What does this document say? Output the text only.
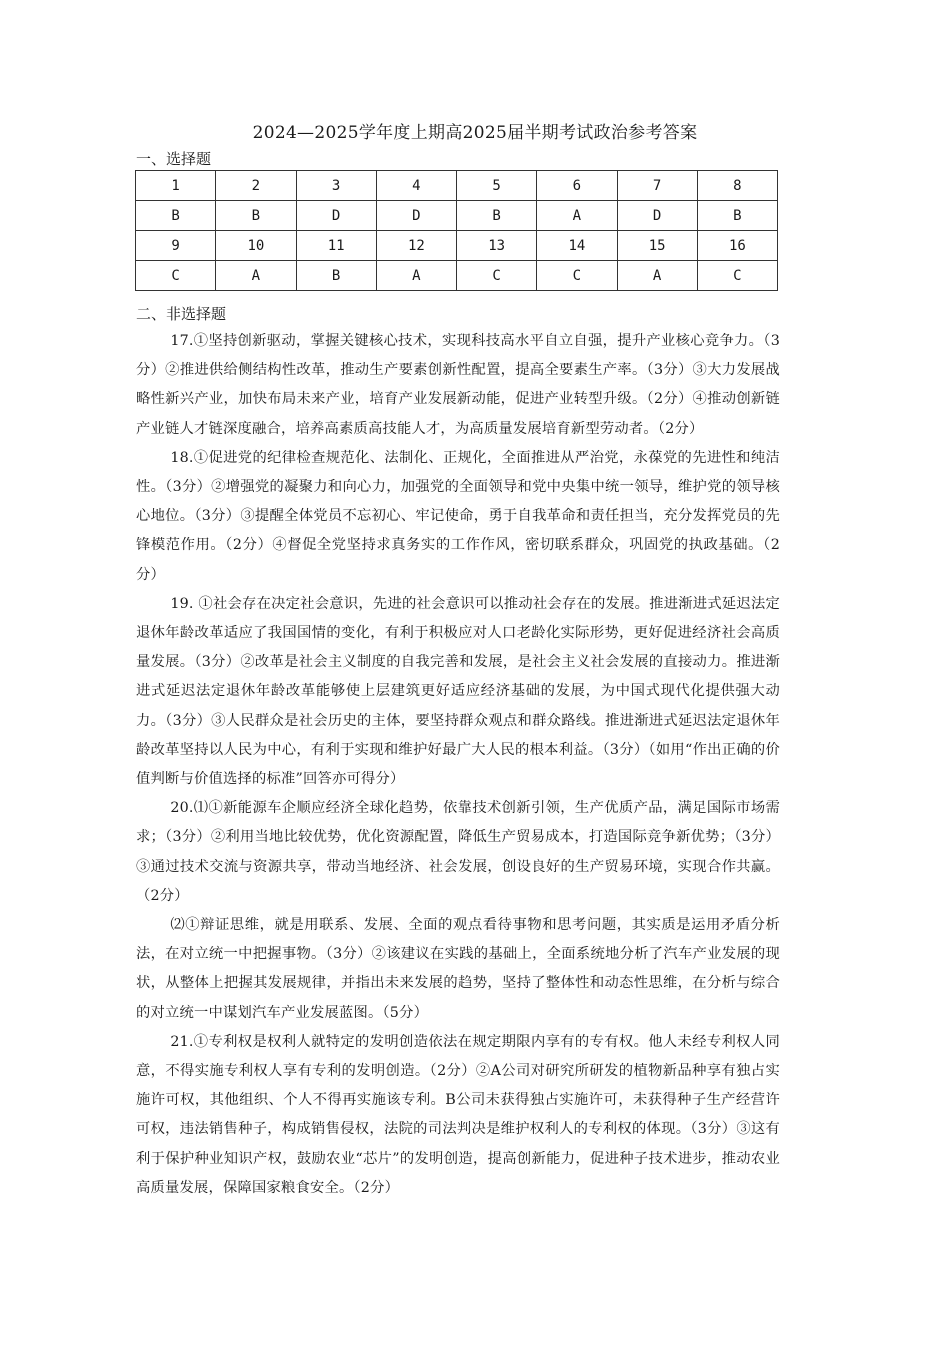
2024—2025学年度上期高2025届半期考试政治参考答案
一、选择题
1	2	3	4	5	6	7	8
B	B	D	D	B	A	D	B
9	10	11	12	13	14	15	16
C	A	B	A	C	C	A	C
二、非选择题

17.①坚持创新驱动，掌握关键核心技术，实现科技高水平自立自强，提升产业核心竞争力。（3分）②推进供给侧结构性改革，推动生产要素创新性配置，提高全要素生产率。（3分）③大力发展战略性新兴产业，加快布局未来产业，培育产业发展新动能，促进产业转型升级。（2分）④推动创新链产业链人才链深度融合，培养高素质高技能人才，为高质量发展培育新型劳动者。（2分）

18.①促进党的纪律检查规范化、法制化、正规化，全面推进从严治党，永葆党的先进性和纯洁性。（3分）②增强党的凝聚力和向心力，加强党的全面领导和党中央集中统一领导，维护党的领导核心地位。（3分）③提醒全体党员不忘初心、牢记使命，勇于自我革命和责任担当，充分发挥党员的先锋模范作用。（2分）④督促全党坚持求真务实的工作作风，密切联系群众，巩固党的执政基础。（2分）

19. ①社会存在决定社会意识，先进的社会意识可以推动社会存在的发展。推进渐进式延迟法定退休年龄改革适应了我国国情的变化，有利于积极应对人口老龄化实际形势，更好促进经济社会高质量发展。（3分）②改革是社会主义制度的自我完善和发展，是社会主义社会发展的直接动力。推进渐进式延迟法定退休年龄改革能够使上层建筑更好适应经济基础的发展，为中国式现代化提供强大动力。（3分）③人民群众是社会历史的主体，要坚持群众观点和群众路线。推进渐进式延迟法定退休年龄改革坚持以人民为中心，有利于实现和维护好最广大人民的根本利益。（3分）（如用“作出正确的价值判断与价值选择的标准”回答亦可得分）

20.⑴①新能源车企顺应经济全球化趋势，依靠技术创新引领，生产优质产品，满足国际市场需求；（3分）②利用当地比较优势，优化资源配置，降低生产贸易成本，打造国际竞争新优势；（3分）③通过技术交流与资源共享，带动当地经济、社会发展，创设良好的生产贸易环境，实现合作共赢。（2分）

⑵①辩证思维，就是用联系、发展、全面的观点看待事物和思考问题，其实质是运用矛盾分析法，在对立统一中把握事物。（3分）②该建议在实践的基础上，全面系统地分析了汽车产业发展的现状，从整体上把握其发展规律，并指出未来发展的趋势，坚持了整体性和动态性思维，在分析与综合的对立统一中谋划汽车产业发展蓝图。（5分）

21.①专利权是权利人就特定的发明创造依法在规定期限内享有的专有权。他人未经专利权人同意，不得实施专利权人享有专利的发明创造。（2分）②A公司对研究所研发的植物新品种享有独占实施许可权，其他组织、个人不得再实施该专利。B公司未获得独占实施许可，未获得种子生产经营许可权，违法销售种子，构成销售侵权，法院的司法判决是维护权利人的专利权的体现。（3分）③这有利于保护种业知识产权，鼓励农业“芯片”的发明创造，提高创新能力，促进种子技术进步，推动农业高质量发展，保障国家粮食安全。（2分）
